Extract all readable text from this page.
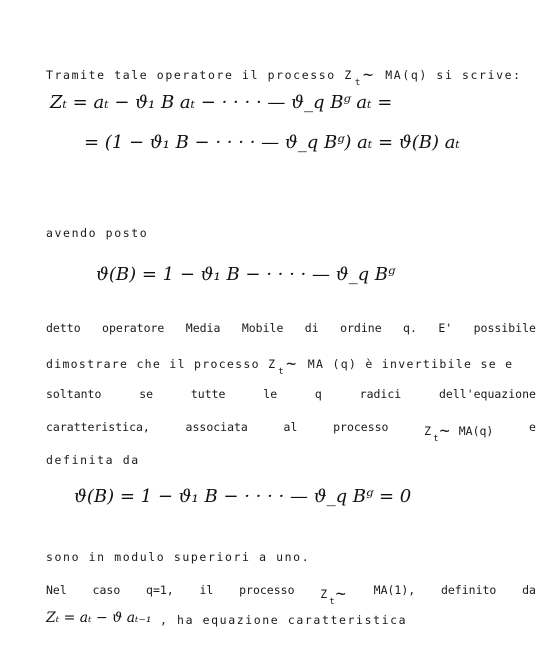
Tramite tale operatore il processo $Z_t\sim$ MA(q) si scrive:
Zₜ = aₜ − ϑ₁ B aₜ − · · · · — ϑ_q Bᵍ aₜ =
= (1 − ϑ₁ B − · · · · — ϑ_q Bᵍ) aₜ = ϑ(B) aₜ
avendo posto
ϑ(B) = 1 − ϑ₁ B − · · · · — ϑ_q Bᵍ
detto operatore Media Mobile di ordine q. E' possibile
dimostrare che il processo $Z_t\sim$ MA (q) è invertibile se e
soltanto	se	tutte	le	q	radici	dell'equazione
caratteristica,	associata	al	processo	$Z_t\sim$ MA(q)	e
definita da
ϑ(B) = 1 − ϑ₁ B − · · · · — ϑ_q Bᵍ = 0
sono in modulo superiori a uno.
Nel caso q=1, il processo $Z_t\sim$ MA(1), definito da
Zₜ = aₜ − ϑ aₜ₋₁ , ha equazione caratteristica
